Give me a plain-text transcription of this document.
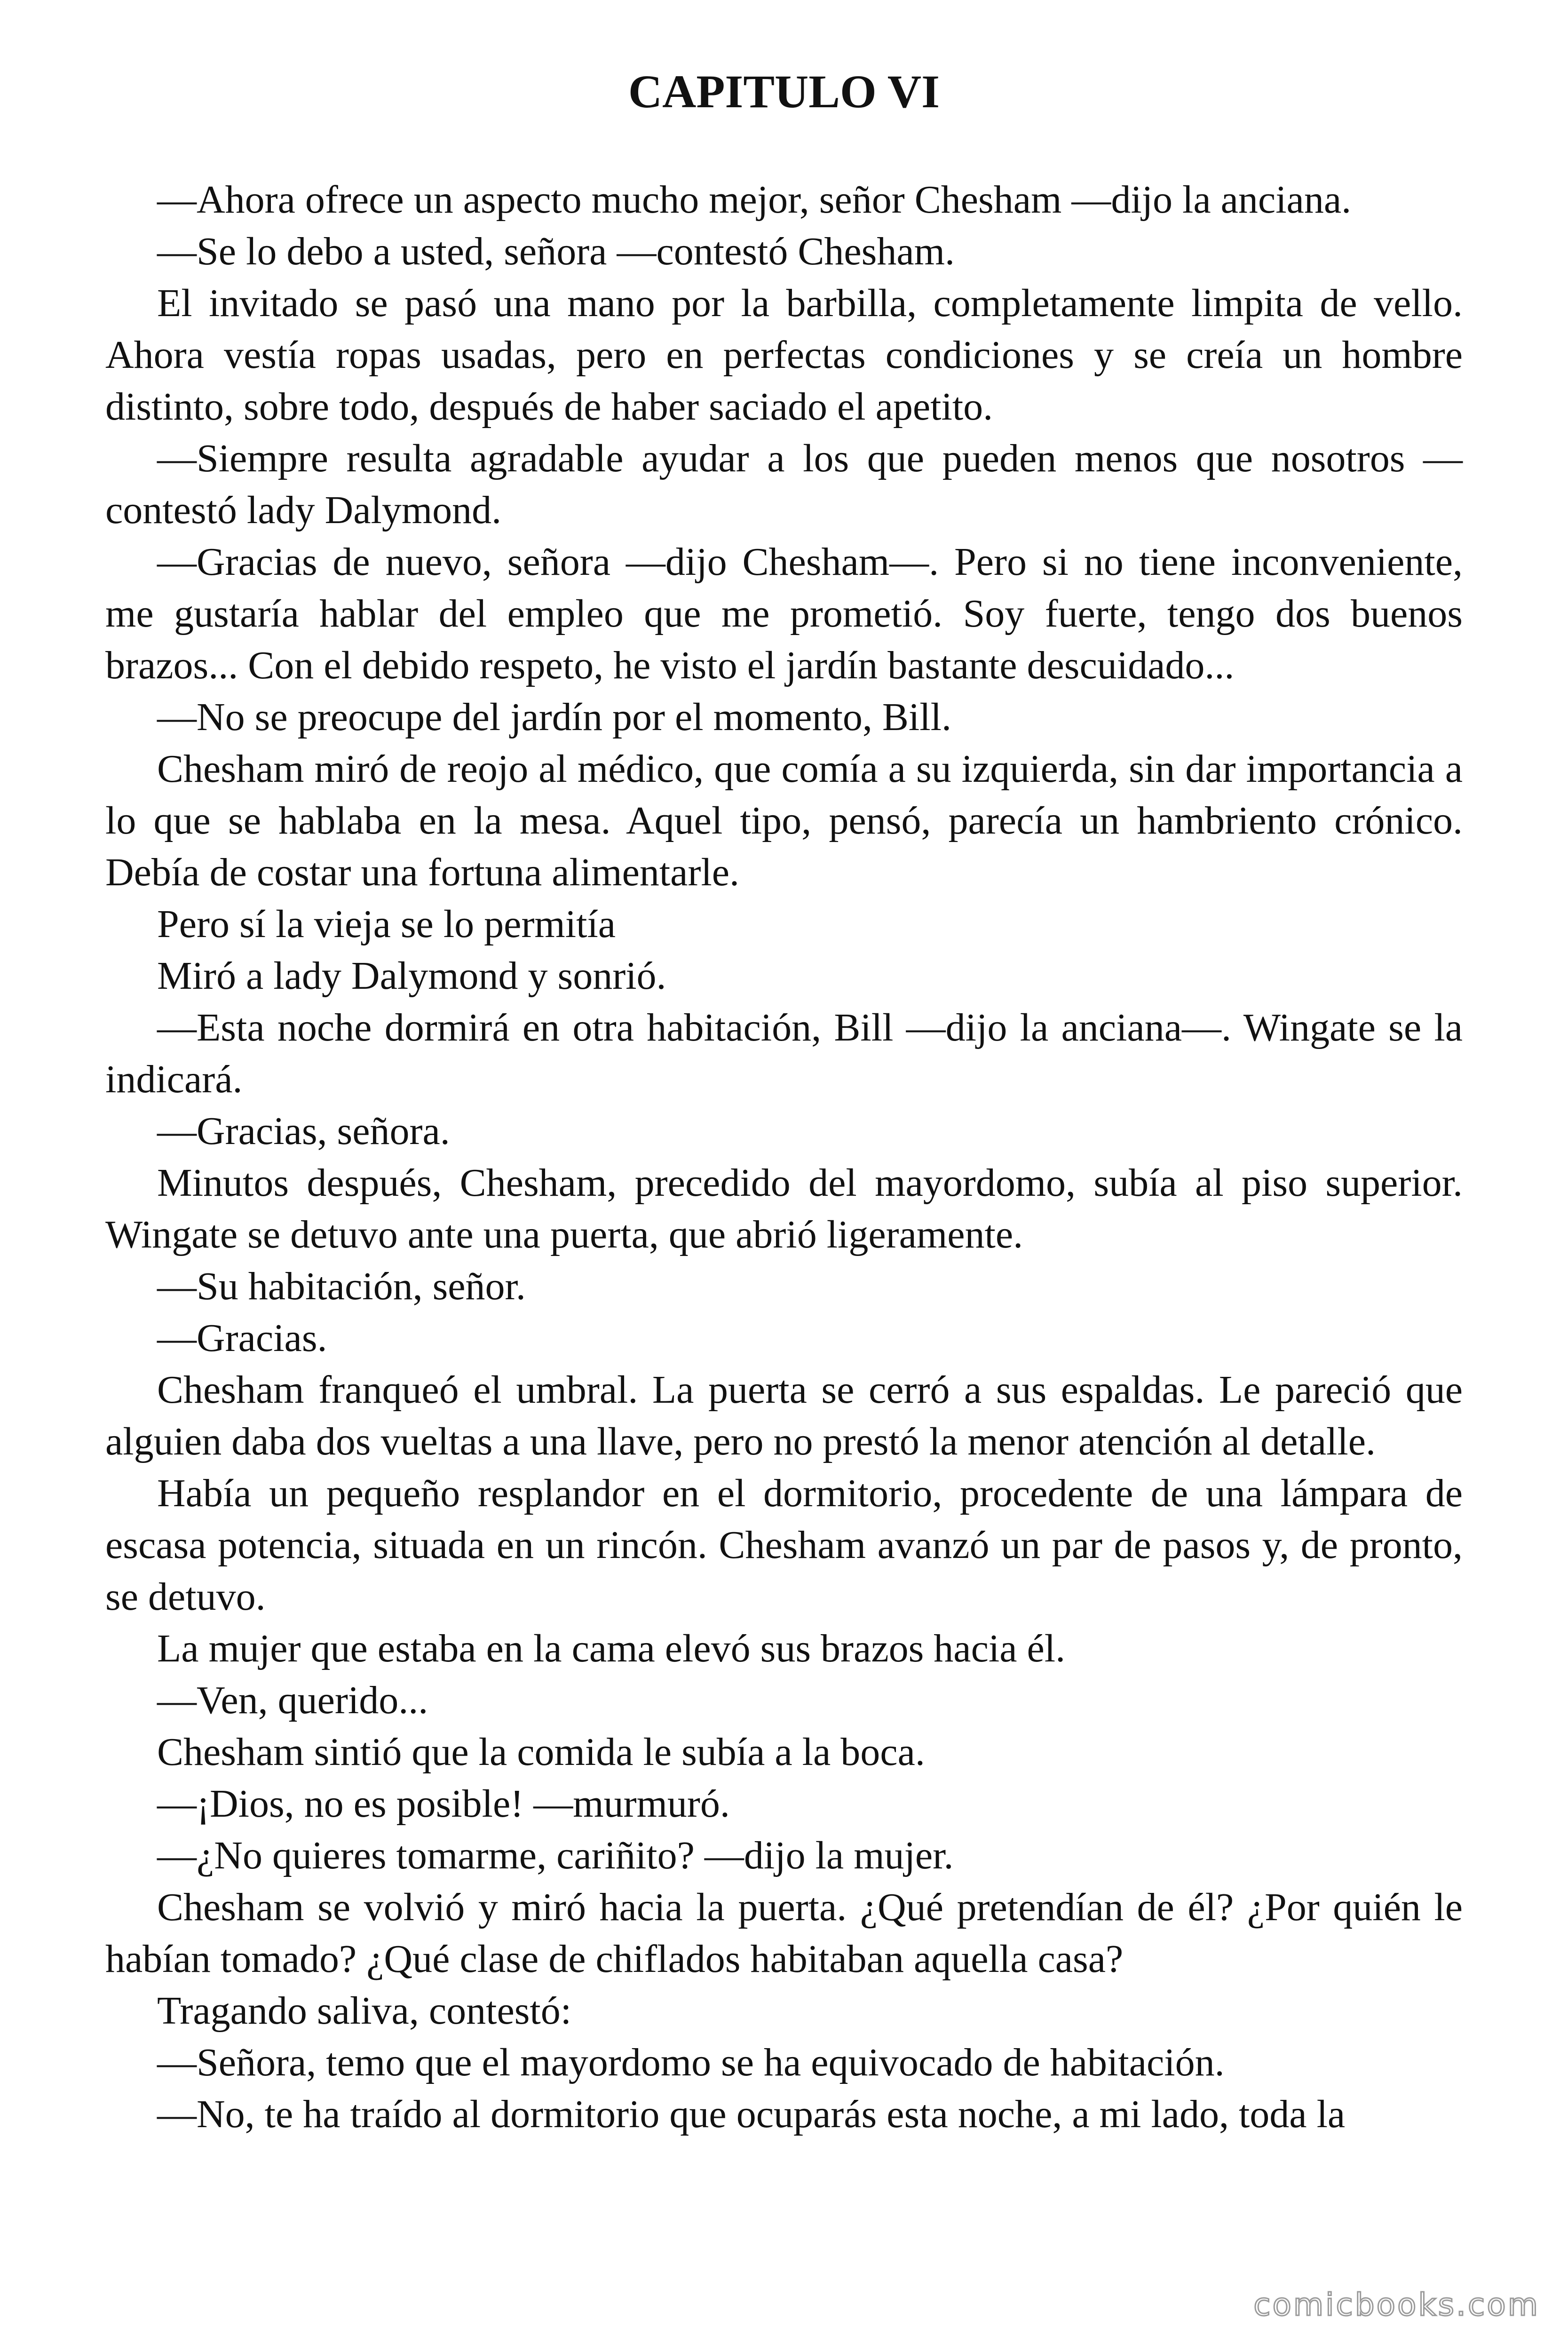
CAPITULO VI

—Ahora ofrece un aspecto mucho mejor, señor Chesham —dijo la anciana.

—Se lo debo a usted, señora —contestó Chesham.

El invitado se pasó una mano por la barbilla, completamente limpita de vello. Ahora vestía ropas usadas, pero en perfectas condiciones y se creía un hombre distinto, sobre todo, después de haber saciado el apetito.

—Siempre resulta agradable ayudar a los que pueden menos que nosotros —contestó lady Dalymond.

—Gracias de nuevo, señora —dijo Chesham—. Pero si no tiene inconveniente, me gustaría hablar del empleo que me prometió. Soy fuerte, tengo dos buenos brazos... Con el debido respeto, he visto el jardín bastante descuidado...

—No se preocupe del jardín por el momento, Bill.

Chesham miró de reojo al médico, que comía a su izquierda, sin dar importancia a lo que se hablaba en la mesa. Aquel tipo, pensó, parecía un hambriento crónico. Debía de costar una fortuna alimentarle.

Pero sí la vieja se lo permitía

Miró a lady Dalymond y sonrió.

—Esta noche dormirá en otra habitación, Bill —dijo la anciana—. Wingate se la indicará.

—Gracias, señora.

Minutos después, Chesham, precedido del mayordomo, subía al piso superior. Wingate se detuvo ante una puerta, que abrió ligeramente.

—Su habitación, señor.

—Gracias.

Chesham franqueó el umbral. La puerta se cerró a sus espaldas. Le pareció que alguien daba dos vueltas a una llave, pero no prestó la menor atención al detalle.

Había un pequeño resplandor en el dormitorio, procedente de una lámpara de escasa potencia, situada en un rincón. Chesham avanzó un par de pasos y, de pronto, se detuvo.

La mujer que estaba en la cama elevó sus brazos hacia él.

—Ven, querido...

Chesham sintió que la comida le subía a la boca.

—¡Dios, no es posible! —murmuró.

—¿No quieres tomarme, cariñito? —dijo la mujer.

Chesham se volvió y miró hacia la puerta. ¿Qué pretendían de él? ¿Por quién le habían tomado? ¿Qué clase de chiflados habitaban aquella casa?

Tragando saliva, contestó:

—Señora, temo que el mayordomo se ha equivocado de habitación.

—No, te ha traído al dormitorio que ocuparás esta noche, a mi lado, toda la

comicbooks.com
